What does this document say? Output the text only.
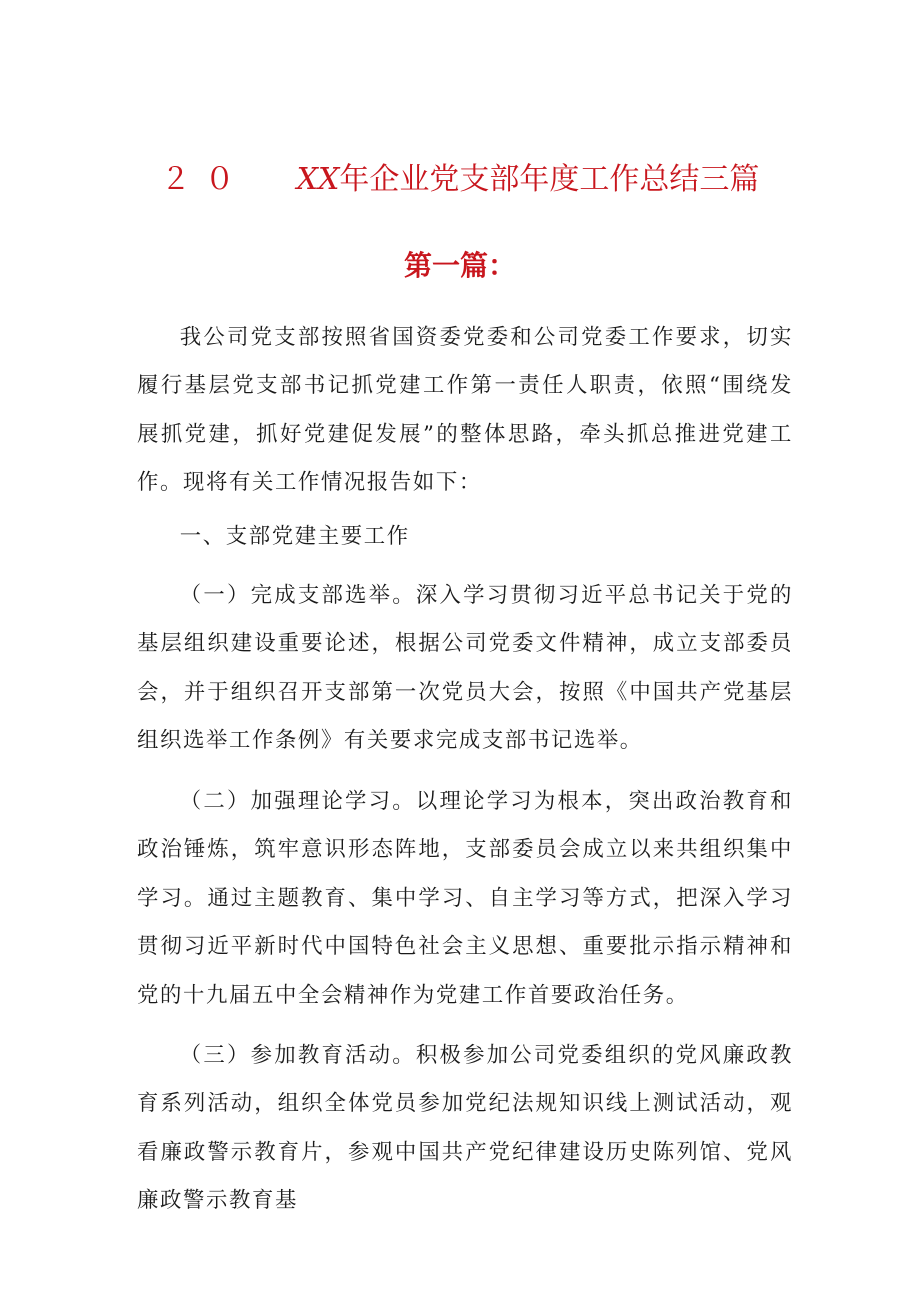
２０ XX年企业党支部年度工作总结三篇
第一篇：

我公司党支部按照省国资委党委和公司党委工作要求，切实履行基层党支部书记抓党建工作第一责任人职责，依照“围绕发展抓党建，抓好党建促发展”的整体思路，牵头抓总推进党建工作。现将有关工作情况报告如下：

一、支部党建主要工作

（一）完成支部选举。深入学习贯彻习近平总书记关于党的基层组织建设重要论述，根据公司党委文件精神，成立支部委员会，并于组织召开支部第一次党员大会，按照《中国共产党基层组织选举工作条例》有关要求完成支部书记选举。

（二）加强理论学习。以理论学习为根本，突出政治教育和政治锤炼，筑牢意识形态阵地，支部委员会成立以来共组织集中学习。通过主题教育、集中学习、自主学习等方式，把深入学习贯彻习近平新时代中国特色社会主义思想、重要批示指示精神和党的十九届五中全会精神作为党建工作首要政治任务。

（三）参加教育活动。积极参加公司党委组织的党风廉政教育系列活动，组织全体党员参加党纪法规知识线上测试活动，观看廉政警示教育片，参观中国共产党纪律建设历史陈列馆、党风廉政警示教育基
